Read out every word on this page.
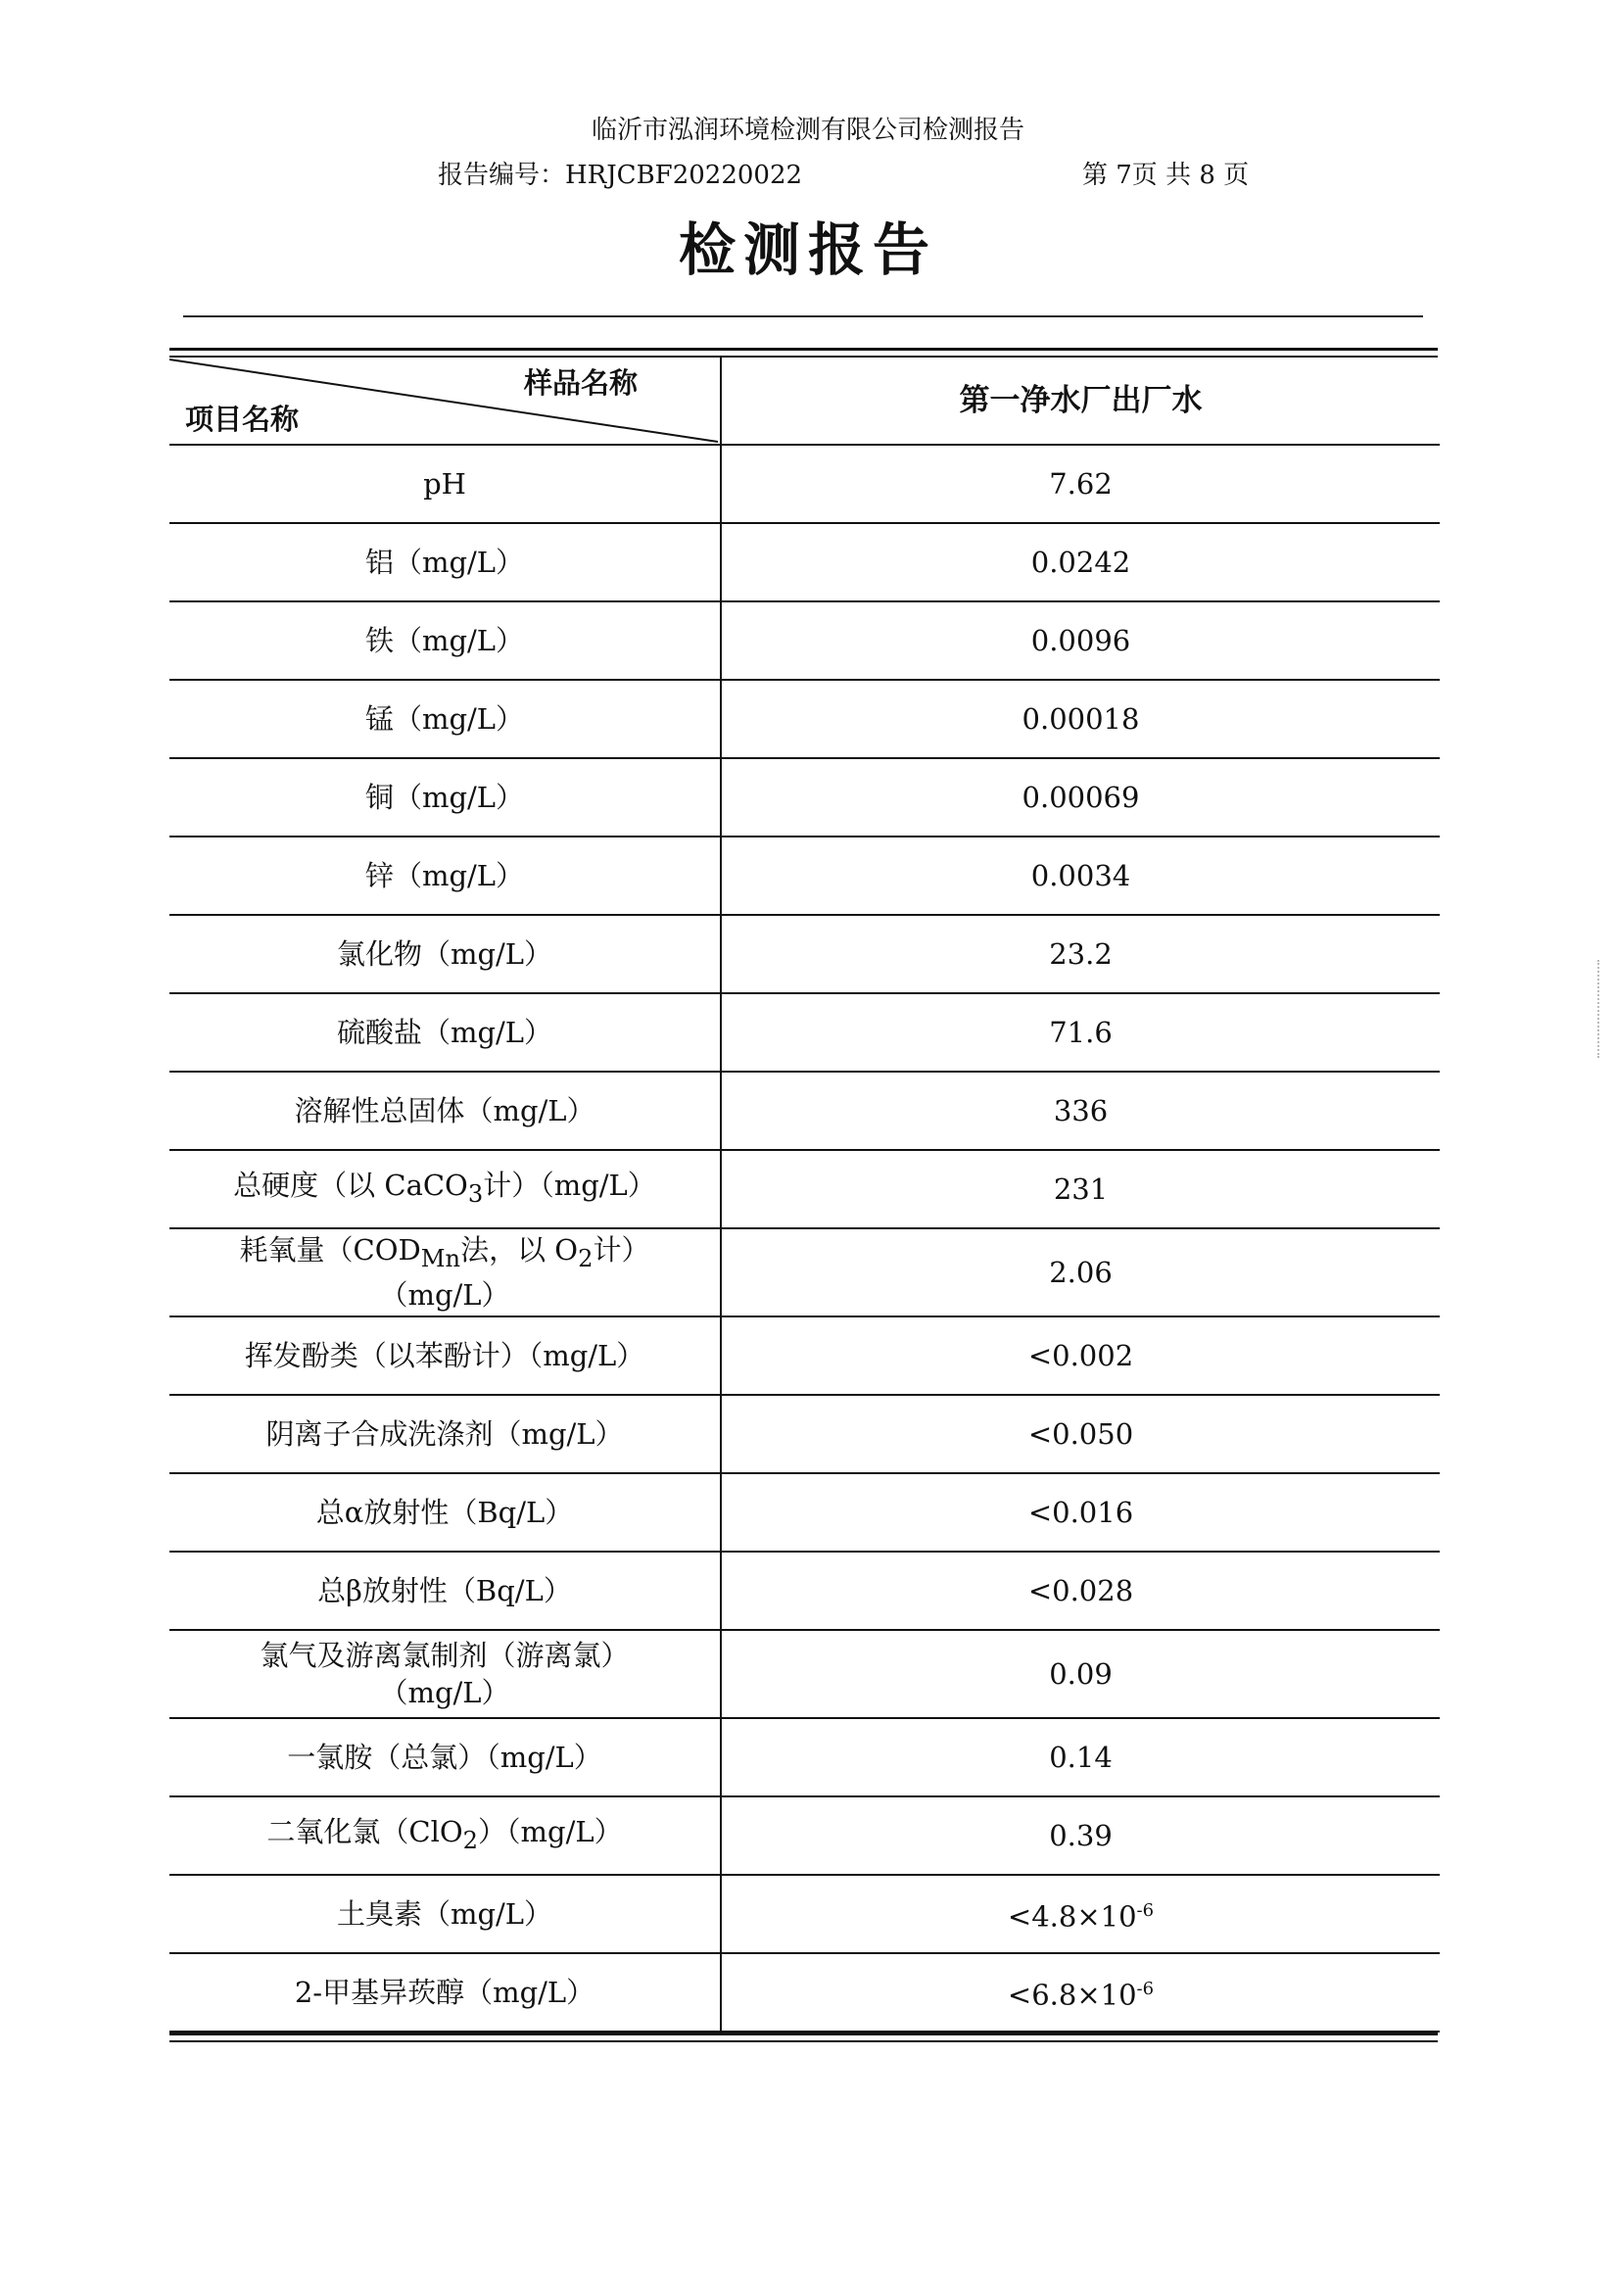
临沂市泓润环境检测有限公司检测报告
报告编号：HRJCBF20220022	第 7页 共 8 页
检测报告
样品名称
项目名称	第一净水厂出厂水
pH	7.62
铝（mg/L）	0.0242
铁（mg/L）	0.0096
锰（mg/L）	0.00018
铜（mg/L）	0.00069
锌（mg/L）	0.0034
氯化物（mg/L）	23.2
硫酸盐（mg/L）	71.6
溶解性总固体（mg/L）	336
总硬度（以 CaCO$_3$计）（mg/L）	231

耗氧量（$COD_{Mn}$法，以 $O_2$计）
（mg/L）	2.06
挥发酚类（以苯酚计）（mg/L）	<0.002
阴离子合成洗涤剂（mg/L）	<0.050
总α放射性（Bq/L）	<0.016
总β放射性（Bq/L）	<0.028

氯气及游离氯制剂（游离氯）
（mg/L）	0.09
一氯胺（总氯）（mg/L）	0.14
二氧化氯（ClO$_2$）（mg/L）	0.39
土臭素（mg/L）	$<4.8\times 10^{-6}$
2-甲基异莰醇（mg/L）	$<6.8\times 10^{-6}$
